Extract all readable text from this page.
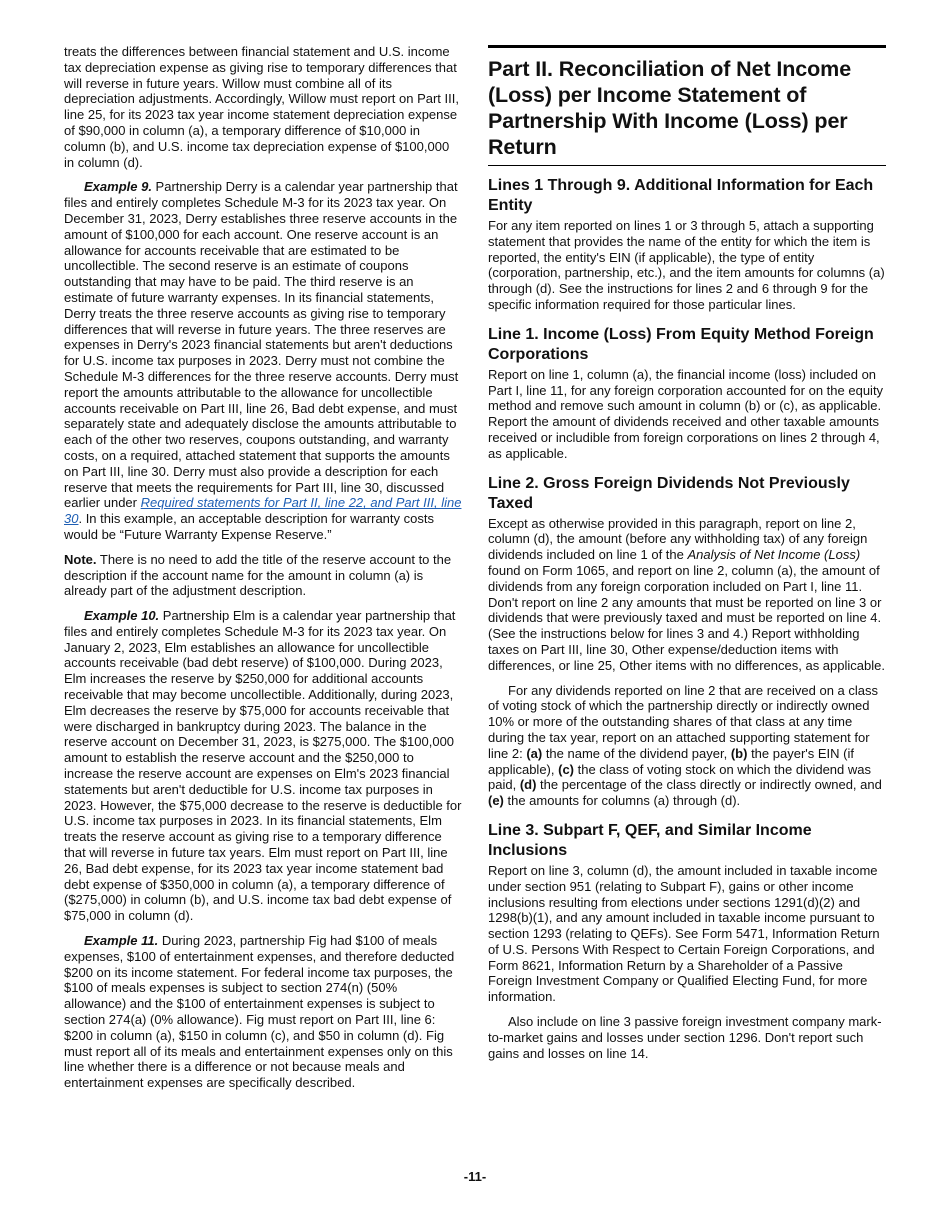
treats the differences between financial statement and U.S. income tax depreciation expense as giving rise to temporary differences that will reverse in future years. Willow must combine all of its depreciation adjustments. Accordingly, Willow must report on Part III, line 25, for its 2023 tax year income statement depreciation expense of $90,000 in column (a), a temporary difference of $10,000 in column (b), and U.S. income tax depreciation expense of $100,000 in column (d).

Example 9. Partnership Derry is a calendar year partnership that files and entirely completes Schedule M-3 for its 2023 tax year. On December 31, 2023, Derry establishes three reserve accounts in the amount of $100,000 for each account. One reserve account is an allowance for accounts receivable that are estimated to be uncollectible. The second reserve is an estimate of coupons outstanding that may have to be paid. The third reserve is an estimate of future warranty expenses. In its financial statements, Derry treats the three reserve accounts as giving rise to temporary differences that will reverse in future years. The three reserves are expenses in Derry's 2023 financial statements but aren't deductions for U.S. income tax purposes in 2023. Derry must not combine the Schedule M-3 differences for the three reserve accounts. Derry must report the amounts attributable to the allowance for uncollectible accounts receivable on Part III, line 26, Bad debt expense, and must separately state and adequately disclose the amounts attributable to each of the other two reserves, coupons outstanding, and warranty costs, on a required, attached statement that supports the amounts on Part III, line 30. Derry must also provide a description for each reserve that meets the requirements for Part III, line 30, discussed earlier under Required statements for Part II, line 22, and Part III, line 30. In this example, an acceptable description for warranty costs would be “Future Warranty Expense Reserve.”

Note. There is no need to add the title of the reserve account to the description if the account name for the amount in column (a) is already part of the adjustment description.

Example 10. Partnership Elm is a calendar year partnership that files and entirely completes Schedule M-3 for its 2023 tax year. On January 2, 2023, Elm establishes an allowance for uncollectible accounts receivable (bad debt reserve) of $100,000. During 2023, Elm increases the reserve by $250,000 for additional accounts receivable that may become uncollectible. Additionally, during 2023, Elm decreases the reserve by $75,000 for accounts receivable that were discharged in bankruptcy during 2023. The balance in the reserve account on December 31, 2023, is $275,000. The $100,000 amount to establish the reserve account and the $250,000 to increase the reserve account are expenses on Elm's 2023 financial statements but aren't deductible for U.S. income tax purposes in 2023. However, the $75,000 decrease to the reserve is deductible for U.S. income tax purposes in 2023. In its financial statements, Elm treats the reserve account as giving rise to a temporary difference that will reverse in future tax years. Elm must report on Part III, line 26, Bad debt expense, for its 2023 tax year income statement bad debt expense of $350,000 in column (a), a temporary difference of ($275,000) in column (b), and U.S. income tax bad debt expense of $75,000 in column (d).

Example 11. During 2023, partnership Fig had $100 of meals expenses, $100 of entertainment expenses, and therefore deducted $200 on its income statement. For federal income tax purposes, the $100 of meals expenses is subject to section 274(n) (50% allowance) and the $100 of entertainment expenses is subject to section 274(a) (0% allowance). Fig must report on Part III, line 6: $200 in column (a), $150 in column (c), and $50 in column (d). Fig must report all of its meals and entertainment expenses only on this line whether there is a difference or not because meals and entertainment expenses are specifically described.

Part II. Reconciliation of Net Income (Loss) per Income Statement of Partnership With Income (Loss) per Return
Lines 1 Through 9. Additional Information for Each Entity

For any item reported on lines 1 or 3 through 5, attach a supporting statement that provides the name of the entity for which the item is reported, the entity's EIN (if applicable), the type of entity (corporation, partnership, etc.), and the item amounts for columns (a) through (d). See the instructions for lines 2 and 6 through 9 for the specific information required for those particular lines.

Line 1. Income (Loss) From Equity Method Foreign Corporations

Report on line 1, column (a), the financial income (loss) included on Part I, line 11, for any foreign corporation accounted for on the equity method and remove such amount in column (b) or (c), as applicable. Report the amount of dividends received and other taxable amounts received or includible from foreign corporations on lines 2 through 4, as applicable.

Line 2. Gross Foreign Dividends Not Previously Taxed

Except as otherwise provided in this paragraph, report on line 2, column (d), the amount (before any withholding tax) of any foreign dividends included on line 1 of the Analysis of Net Income (Loss) found on Form 1065, and report on line 2, column (a), the amount of dividends from any foreign corporation included on Part I, line 11. Don't report on line 2 any amounts that must be reported on line 3 or dividends that were previously taxed and must be reported on line 4. (See the instructions below for lines 3 and 4.) Report withholding taxes on Part III, line 30, Other expense/deduction items with differences, or line 25, Other items with no differences, as applicable.

For any dividends reported on line 2 that are received on a class of voting stock of which the partnership directly or indirectly owned 10% or more of the outstanding shares of that class at any time during the tax year, report on an attached supporting statement for line 2: (a) the name of the dividend payer, (b) the payer's EIN (if applicable), (c) the class of voting stock on which the dividend was paid, (d) the percentage of the class directly or indirectly owned, and (e) the amounts for columns (a) through (d).

Line 3. Subpart F, QEF, and Similar Income Inclusions

Report on line 3, column (d), the amount included in taxable income under section 951 (relating to Subpart F), gains or other income inclusions resulting from elections under sections 1291(d)(2) and 1298(b)(1), and any amount included in taxable income pursuant to section 1293 (relating to QEFs). See Form 5471, Information Return of U.S. Persons With Respect to Certain Foreign Corporations, and Form 8621, Information Return by a Shareholder of a Passive Foreign Investment Company or Qualified Electing Fund, for more information.

Also include on line 3 passive foreign investment company mark-to-market gains and losses under section 1296. Don't report such gains and losses on line 14.

-11-
